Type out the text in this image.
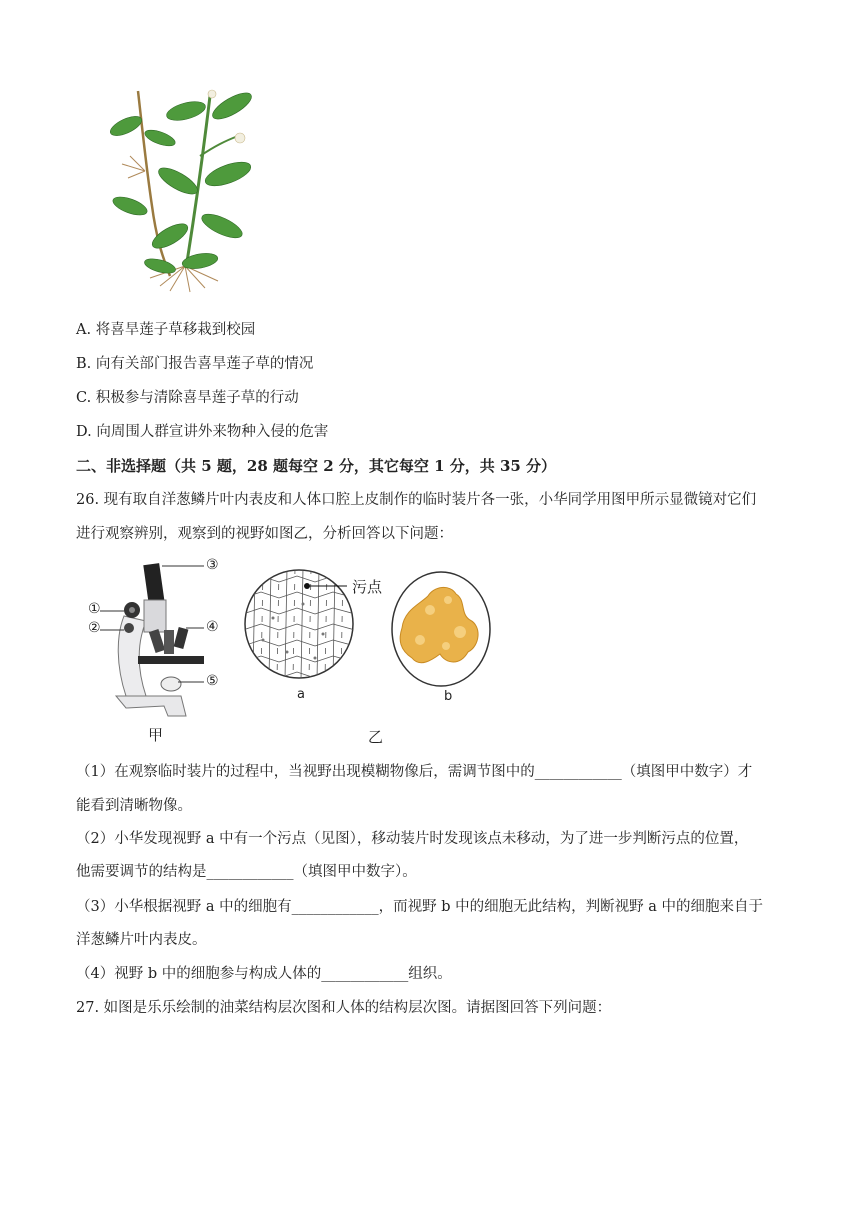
A. 将喜旱莲子草移栽到校园
B. 向有关部门报告喜旱莲子草的情况
C. 积极参与清除喜旱莲子草的行动
D. 向周围人群宣讲外来物种入侵的危害
二、非选择题（共 5 题，28 题每空 2 分，其它每空 1 分，共 35 分）
26. 现有取自洋葱鳞片叶内表皮和人体口腔上皮制作的临时装片各一张，小华同学用图甲所示显微镜对它们
进行观察辨别，观察到的视野如图乙，分析回答以下问题：
③
①
②	④
⑤
甲
污点
a	b
乙
（1）在观察临时装片的过程中，当视野出现模糊物像后，需调节图中的____________（填图甲中数字）才
能看到清晰物像。
（2）小华发现视野 a 中有一个污点（见图），移动装片时发现该点未移动，为了进一步判断污点的位置，
他需要调节的结构是____________（填图甲中数字）。
（3）小华根据视野 a 中的细胞有____________，而视野 b 中的细胞无此结构，判断视野 a 中的细胞来自于
洋葱鳞片叶内表皮。
（4）视野 b 中的细胞参与构成人体的____________组织。
27. 如图是乐乐绘制的油菜结构层次图和人体的结构层次图。请据图回答下列问题：
